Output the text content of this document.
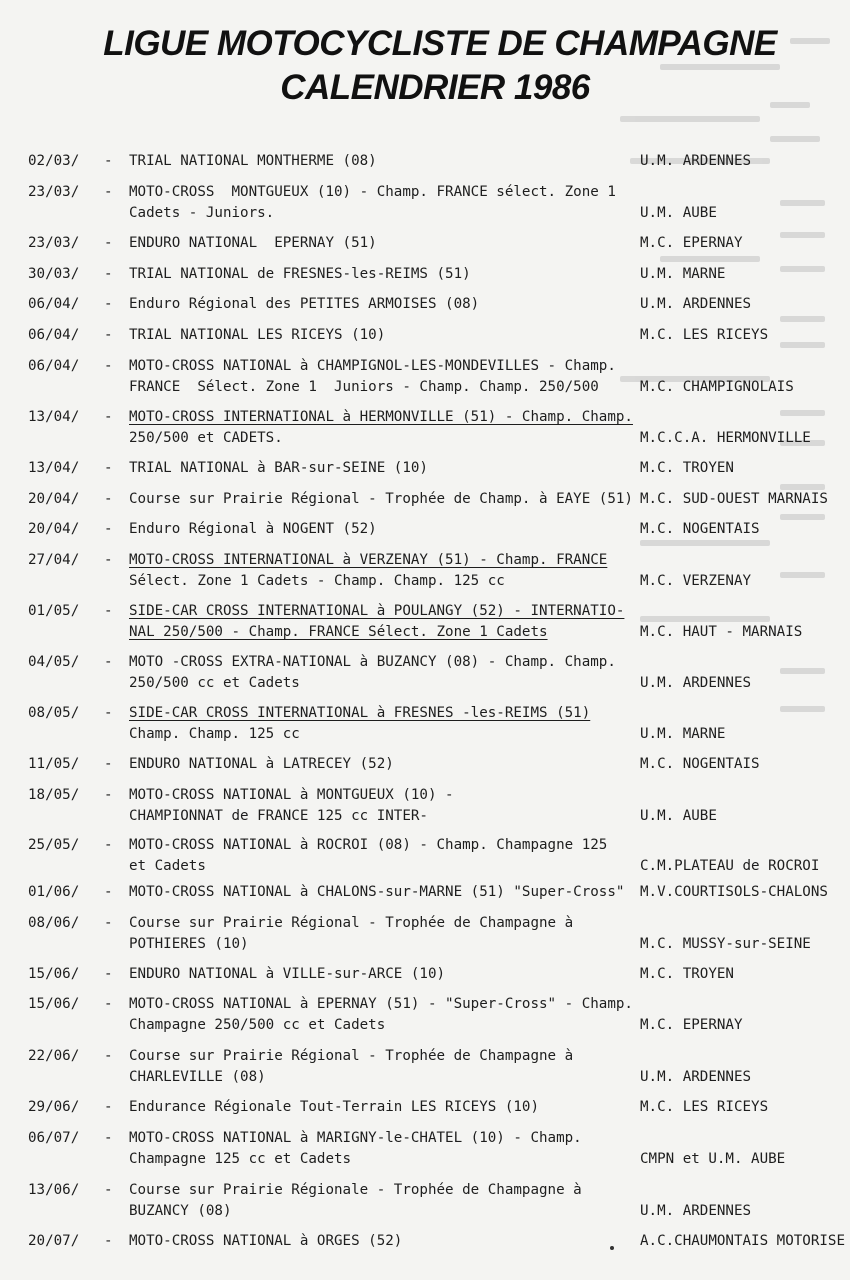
LIGUE MOTOCYCLISTE DE CHAMPAGNE
CALENDRIER 1986
02/03/	- TRIAL NATIONAL MONTHERME (08)	U.M. ARDENNES
23/03/	- MOTO-CROSS  MONTGUEUX (10) - Champ. FRANCE sélect. Zone 1
Cadets - Juniors.	U.M. AUBE
23/03/	- ENDURO NATIONAL  EPERNAY (51)	M.C. EPERNAY
30/03/	- TRIAL NATIONAL de FRESNES-les-REIMS (51)	U.M. MARNE
06/04/	- Enduro Régional des PETITES ARMOISES (08)	U.M. ARDENNES
06/04/	- TRIAL NATIONAL LES RICEYS (10)	M.C. LES RICEYS
06/04/	- MOTO-CROSS NATIONAL à CHAMPIGNOL-LES-MONDEVILLES - Champ.
FRANCE  Sélect. Zone 1  Juniors - Champ. Champ. 250/500	M.C. CHAMPIGNOLAIS
13/04/	- MOTO-CROSS INTERNATIONAL à HERMONVILLE (51) - Champ. Champ.
250/500 et CADETS.	M.C.C.A. HERMONVILLE
13/04/	- TRIAL NATIONAL à BAR-sur-SEINE (10)	M.C. TROYEN
20/04/	- Course sur Prairie Régional - Trophée de Champ. à EAYE (51) M.C. SUD-OUEST MARNAIS
20/04/	- Enduro Régional à NOGENT (52)	M.C. NOGENTAIS
27/04/	- MOTO-CROSS INTERNATIONAL à VERZENAY (51) - Champ. FRANCE
Sélect. Zone 1 Cadets - Champ. Champ. 125 cc	M.C. VERZENAY
01/05/	- SIDE-CAR CROSS INTERNATIONAL à POULANGY (52) - INTERNATIO-
NAL 250/500 - Champ. FRANCE Sélect. Zone 1 Cadets	M.C. HAUT - MARNAIS
04/05/	- MOTO -CROSS EXTRA-NATIONAL à BUZANCY (08) - Champ. Champ.
250/500 cc et Cadets	U.M. ARDENNES
08/05/	- SIDE-CAR CROSS INTERNATIONAL à FRESNES -les-REIMS (51)
Champ. Champ. 125 cc	U.M. MARNE
11/05/	- ENDURO NATIONAL à LATRECEY (52)	M.C. NOGENTAIS
18/05/	- MOTO-CROSS NATIONAL à MONTGUEUX (10) -
CHAMPIONNAT de FRANCE 125 cc INTER-	U.M. AUBE
25/05/	- MOTO-CROSS NATIONAL à ROCROI (08) - Champ. Champagne 125
et Cadets	C.M.PLATEAU de ROCROI
01/06/	- MOTO-CROSS NATIONAL à CHALONS-sur-MARNE (51) "Super-Cross"	M.V.COURTISOLS-CHALONS
08/06/	- Course sur Prairie Régional - Trophée de Champagne à
POTHIERES (10)	M.C. MUSSY-sur-SEINE
15/06/	- ENDURO NATIONAL à VILLE-sur-ARCE (10)	M.C. TROYEN
15/06/	- MOTO-CROSS NATIONAL à EPERNAY (51) - "Super-Cross" - Champ.
Champagne 250/500 cc et Cadets	M.C. EPERNAY
22/06/	- Course sur Prairie Régional - Trophée de Champagne à
CHARLEVILLE (08)	U.M. ARDENNES
29/06/	- Endurance Régionale Tout-Terrain LES RICEYS (10)	M.C. LES RICEYS
06/07/	- MOTO-CROSS NATIONAL à MARIGNY-le-CHATEL (10) - Champ.
Champagne 125 cc et Cadets	CMPN et U.M. AUBE
13/06/	- Course sur Prairie Régionale - Trophée de Champagne à
BUZANCY (08)	U.M. ARDENNES
20/07/	- MOTO-CROSS NATIONAL à ORGES (52)	A.C.CHAUMONTAIS MOTORISE
